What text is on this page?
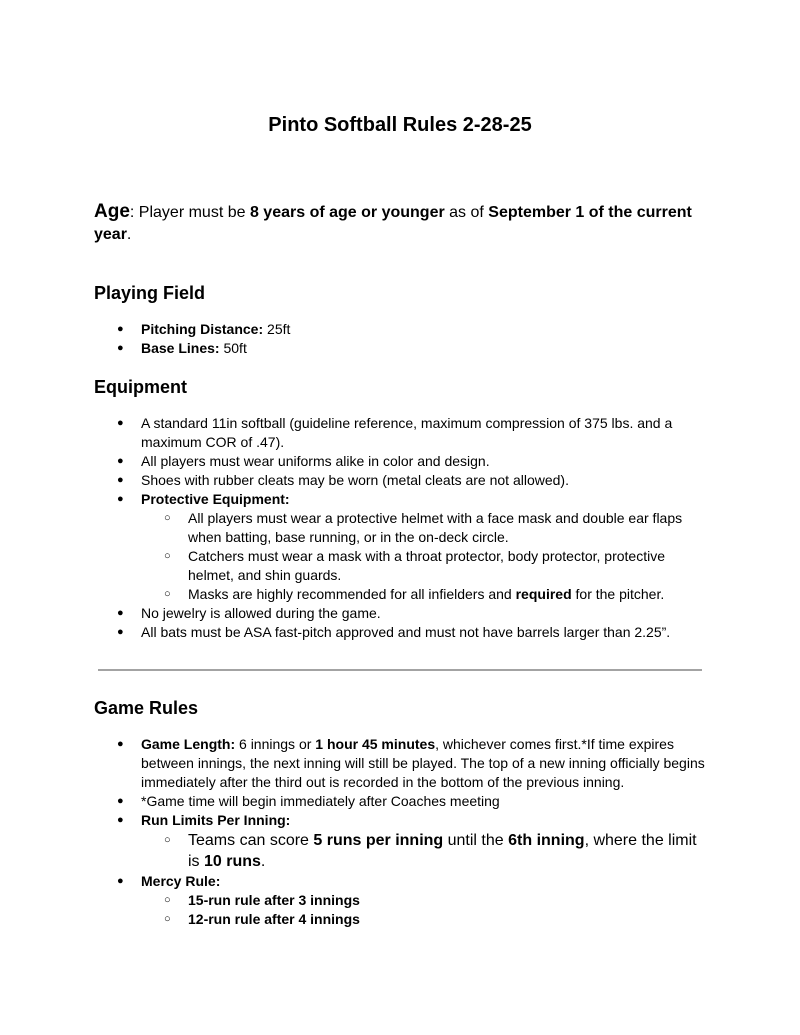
Pinto Softball Rules 2-28-25

Age: Player must be 8 years of age or younger as of September 1 of the current year.

Playing Field
● Pitching Distance: 25ft
● Base Lines: 50ft
Equipment
● A standard 11in softball (guideline reference, maximum compression of 375 lbs. and a maximum COR of .47).
● All players must wear uniforms alike in color and design.
● Shoes with rubber cleats may be worn (metal cleats are not allowed).
● Protective Equipment:
○ All players must wear a protective helmet with a face mask and double ear flaps when batting, base running, or in the on-deck circle.
○ Catchers must wear a mask with a throat protector, body protector, protective helmet, and shin guards.
○ Masks are highly recommended for all infielders and required for the pitcher.
● No jewelry is allowed during the game.
● All bats must be ASA fast-pitch approved and must not have barrels larger than 2.25”.
Game Rules
● Game Length: 6 innings or 1 hour 45 minutes, whichever comes first.*If time expires between innings, the next inning will still be played. The top of a new inning officially begins immediately after the third out is recorded in the bottom of the previous inning.
● *Game time will begin immediately after Coaches meeting
● Run Limits Per Inning:
○ Teams can score 5 runs per inning until the 6th inning, where the limit is 10 runs.
● Mercy Rule:
○ 15-run rule after 3 innings
○ 12-run rule after 4 innings
